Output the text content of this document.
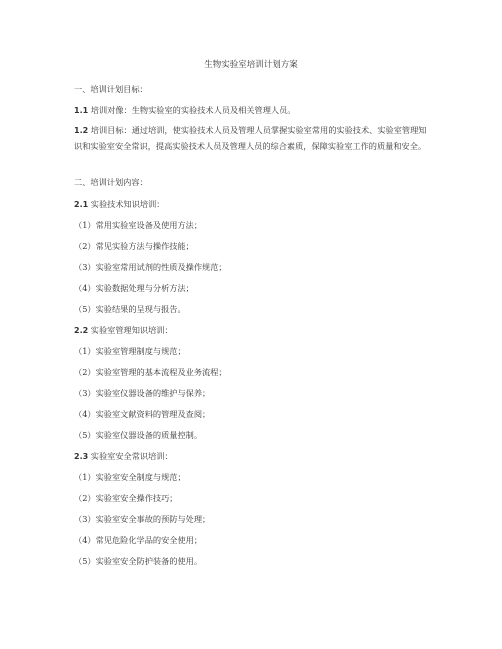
生物实验室培训计划方案
一、培训计划目标：
1.1 培训对像：生物实验室的实验技术人员及相关管理人员。
1.2 培训目标：通过培训，使实验技术人员及管理人员掌握实验室常用的实验技术、实验室管理知识和实验室安全常识，提高实验技术人员及管理人员的综合素质，保障实验室工作的质量和安全。
二、培训计划内容：
2.1 实验技术知识培训：
（1）常用实验室设备及使用方法；
（2）常见实验方法与操作技能；
（3）实验室常用试剂的性质及操作规范；
（4）实验数据处理与分析方法；
（5）实验结果的呈现与报告。
2.2 实验室管理知识培训：
（1）实验室管理制度与规范；
（2）实验室管理的基本流程及业务流程；
（3）实验室仪器设备的维护与保养；
（4）实验室文献资料的管理及查阅；
（5）实验室仪器设备的质量控制。
2.3 实验室安全常识培训：
（1）实验室安全制度与规范；
（2）实验室安全操作技巧；
（3）实验室安全事故的预防与处理；
（4）常见危险化学品的安全使用；
（5）实验室安全防护装备的使用。
